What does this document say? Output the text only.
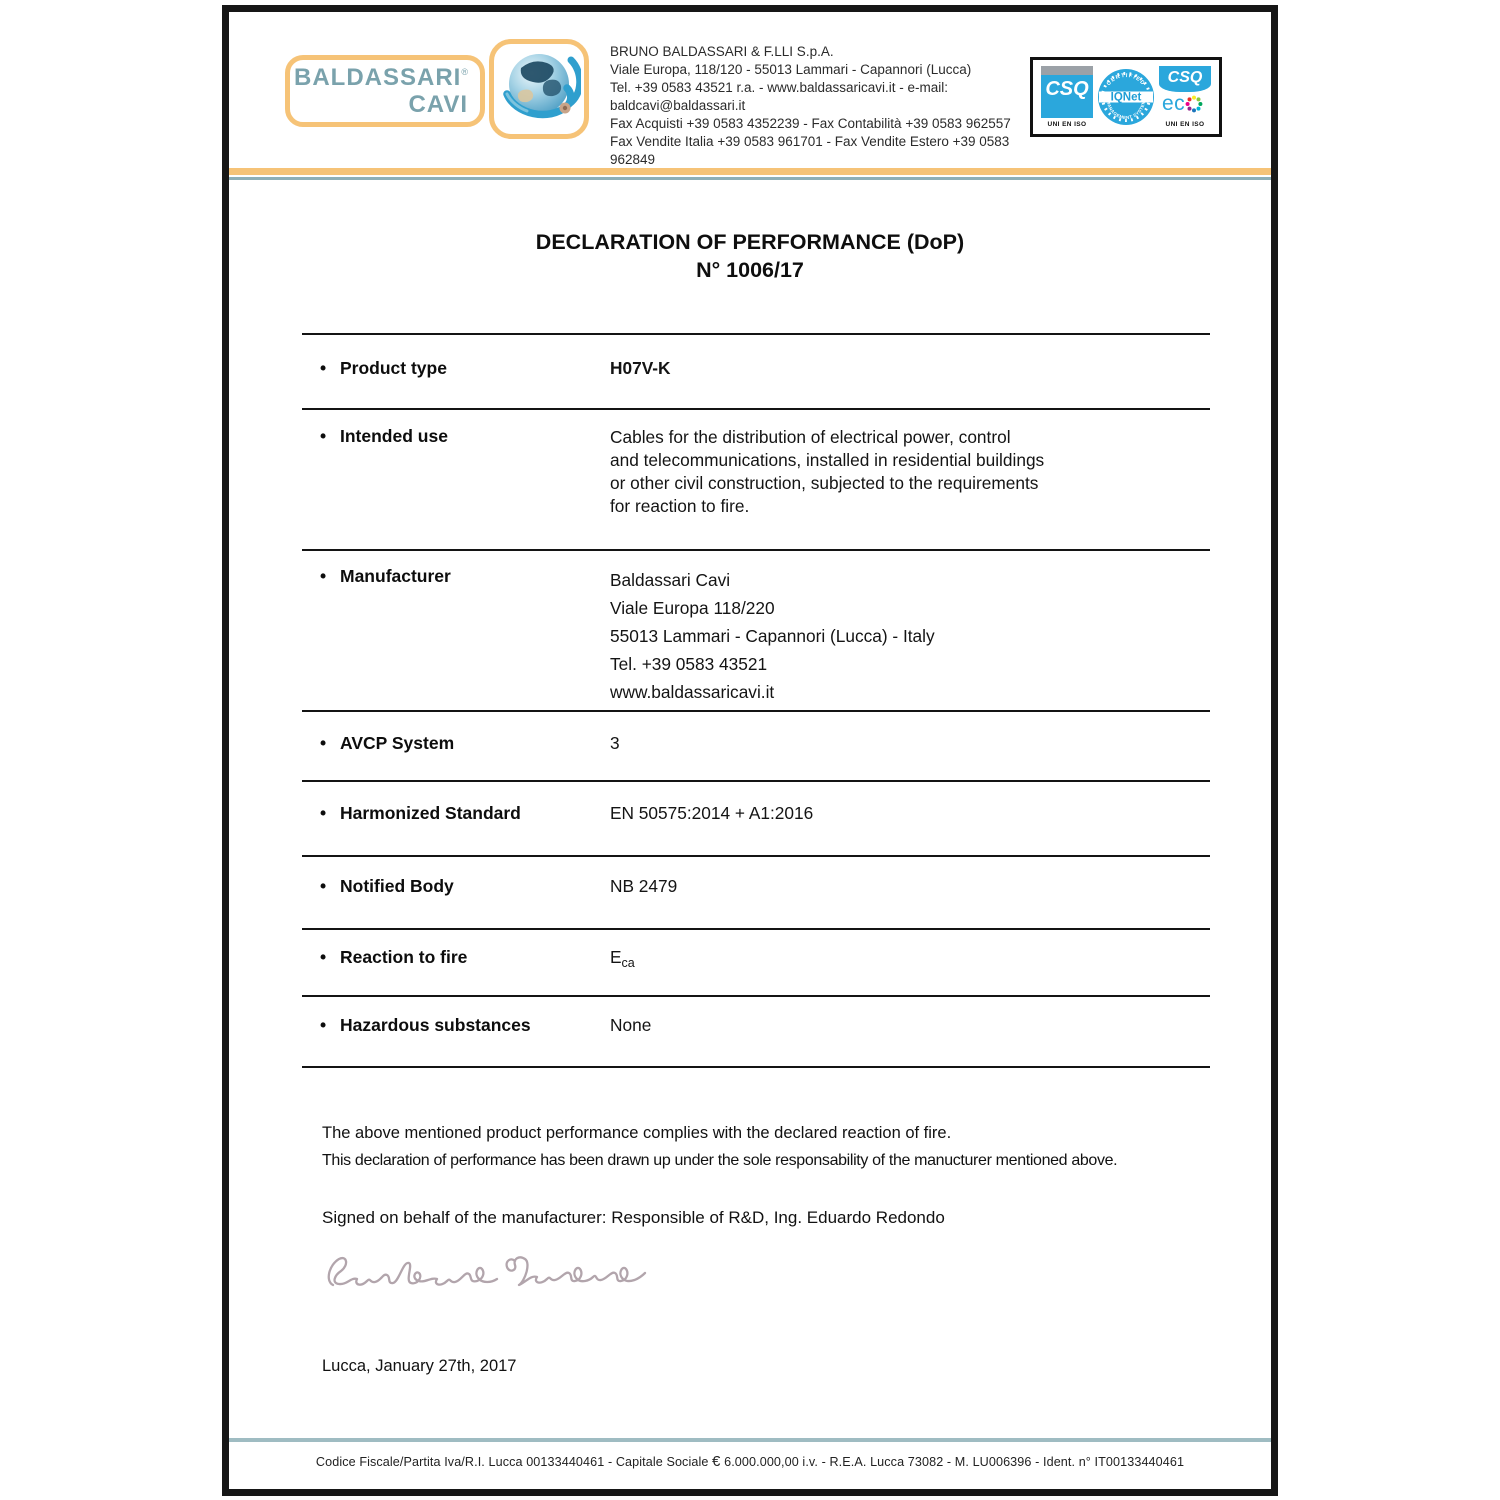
BALDASSARI®
CAVI
BRUNO BALDASSARI & F.LLI S.p.A.
Viale Europa, 118/120 - 55013 Lammari - Capannori (Lucca)
Tel. +39 0583 43521 r.a. - www.baldassaricavi.it - e-mail: baldcavi@baldassari.it
Fax Acquisti +39 0583 4352239 - Fax Contabilità +39 0583 962557
Fax Vendite Italia +39 0583 961701 - Fax Vendite Estero +39 0583 962849
CSQ
UNI EN ISO
CERTIFIED
IQNet
MANAGEMENT SYSTEM
CSQ
ec
UNI EN ISO
DECLARATION OF PERFORMANCE (DoP)
N° 1006/17
• Product type	H07V-K
• Intended use	Cables for the distribution of electrical power, control
and telecommunications, installed in residential buildings
or other civil construction, subjected to the requirements
for reaction to fire.
• Manufacturer	Baldassari Cavi
Viale Europa 118/220
55013 Lammari - Capannori (Lucca) - Italy
Tel. +39 0583 43521
www.baldassaricavi.it
• AVCP System	3
• Harmonized Standard	EN 50575:2014 + A1:2016
• Notified Body	NB 2479
• Reaction to fire	$E_{ca}$
• Hazardous substances	None
The above mentioned product performance complies with the declared reaction of fire.
This declaration of performance has been drawn up under the sole responsability of the manucturer mentioned above.
Signed on behalf of the manufacturer: Responsible of R&D, Ing. Eduardo Redondo
Lucca, January 27th, 2017
Codice Fiscale/Partita Iva/R.I. Lucca 00133440461 - Capitale Sociale € 6.000.000,00 i.v. - R.E.A. Lucca 73082 - M. LU006396 - Ident. n° IT00133440461
